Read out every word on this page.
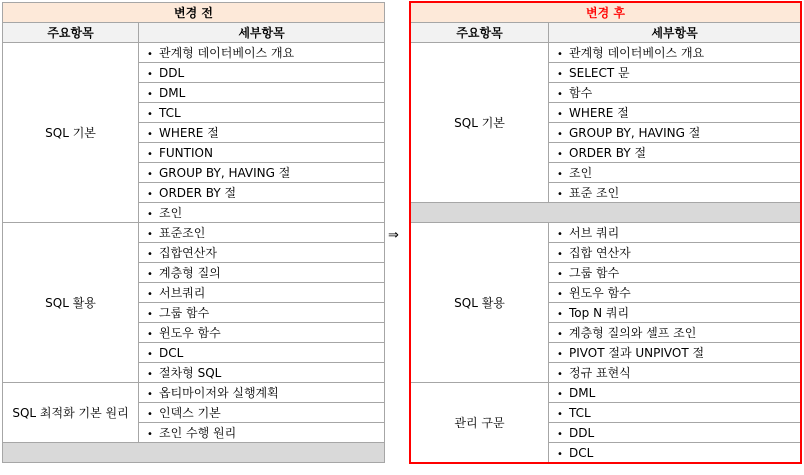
변경 전	
주요항목	세부항목
SQL 기본	• 관계형 데이터베이스 개요
	• DDL
	• DML
	• TCL
	• WHERE 절
	• FUNTION
	• GROUP BY, HAVING 절
	• ORDER BY 절
	• 조인
SQL 활용	• 표준조인
	• 집합연산자
	• 계층형 질의
	• 서브쿼리
	• 그룹 함수
	• 윈도우 함수
	• DCL
	• 절차형 SQL
SQL 최적화 기본 원리	• 옵티마이저와 실행계획
	• 인덱스 기본
	• 조인 수행 원리

⇒
변경 후	
주요항목	세부항목
SQL 기본	• 관계형 데이터베이스 개요
	• SELECT 문
	• 함수
	• WHERE 절
	• GROUP BY, HAVING 절
	• ORDER BY 절
	• 조인
	• 표준 조인

SQL 활용	• 서브 쿼리
	• 집합 연산자
	• 그룹 함수
	• 윈도우 함수
	• Top N 쿼리
	• 계층형 질의와 셀프 조인
	• PIVOT 절과 UNPIVOT 절
	• 정규 표현식
관리 구문	• DML
	• TCL
	• DDL
	• DCL
